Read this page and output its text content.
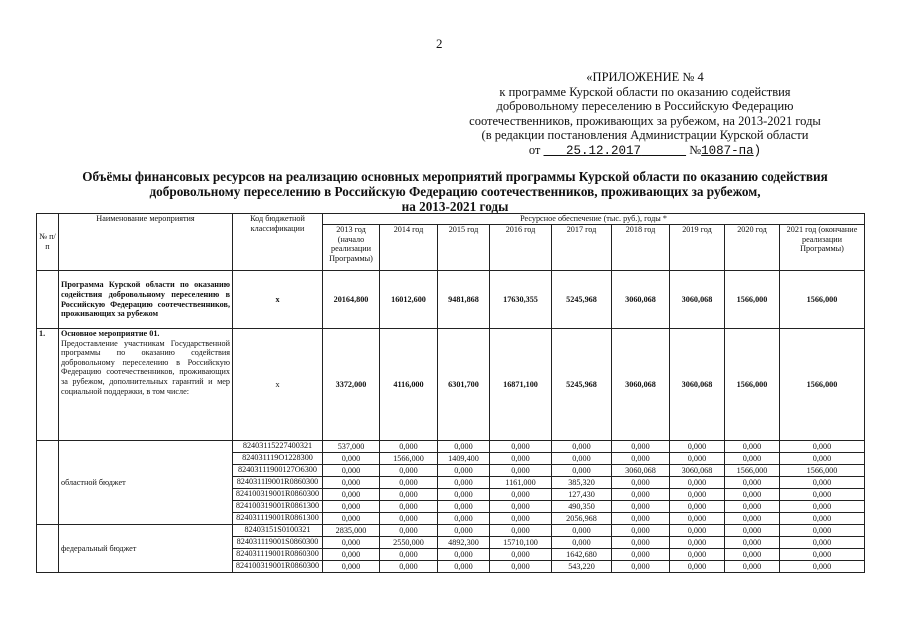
2
«ПРИЛОЖЕНИЕ № 4
к программе Курской области по оказанию содействия
добровольному переселению в Российскую Федерацию
соотечественников, проживающих за рубежом, на 2013-2021 годы
(в редакции постановления Администрации Курской области
от 25.12.2017	№1087-па)
Объёмы финансовых ресурсов на реализацию основных мероприятий программы Курской области по оказанию содействия
добровольному переселению в Российскую Федерацию соотечественников, проживающих за рубежом,
на 2013-2021 годы
№ п/ п	Наименование мероприятия	Код бюджетной классификации	Ресурсное обеспечение (тыс. руб.), годы *								
			2013 год (начало реализации Программы)	2014 год	2015 год	2016 год	2017 год	2018 год	2019 год	2020 год	2021 год (окончание реализации Программы)
	Программа Курской области по оказанию содействия добровольному переселению в Российскую Федерацию соотечественников, проживающих за рубежом	x	20164,800	16012,600	9481,868	17630,355	5245,968	3060,068	3060,068	1566,000	1566,000
1.	Основное мероприятие 01.
Предоставление участникам Государственной программы по оказанию содействия добровольному переселению в Российскую Федерацию соотечественников, проживающих за рубежом, дополнительных гарантий и мер социальной поддержки, в том числе:	x	3372,000	4116,000	6301,700	16871,100	5245,968	3060,068	3060,068	1566,000	1566,000
	областной бюджет	82403115227400321	537,000	0,000	0,000	0,000	0,000	0,000	0,000	0,000	0,000
		824031119O1228300	0,000	1566,000	1409,400	0,000	0,000	0,000	0,000	0,000	0,000
		82403111900127O6300	0,000	0,000	0,000	0,000	0,000	3060,068	3060,068	1566,000	1566,000
		8240311I9001R0860300	0,000	0,000	0,000	1161,000	385,320	0,000	0,000	0,000	0,000
		824100319001R0860300	0,000	0,000	0,000	0,000	127,430	0,000	0,000	0,000	0,000
		824100319001R0861300	0,000	0,000	0,000	0,000	490,350	0,000	0,000	0,000	0,000
		824031119001R0861300	0,000	0,000	0,000	0,000	2056,968	0,000	0,000	0,000	0,000
	федеральный бюджет	82403151S0100321	2835,000	0,000	0,000	0,000	0,000	0,000	0,000	0,000	0,000
		824031119001S0860300	0,000	2550,000	4892,300	15710,100	0,000	0,000	0,000	0,000	0,000
		824031119001R0860300	0,000	0,000	0,000	0,000	1642,680	0,000	0,000	0,000	0,000
		824100319001R0860300	0,000	0,000	0,000	0,000	543,220	0,000	0,000	0,000	0,000
